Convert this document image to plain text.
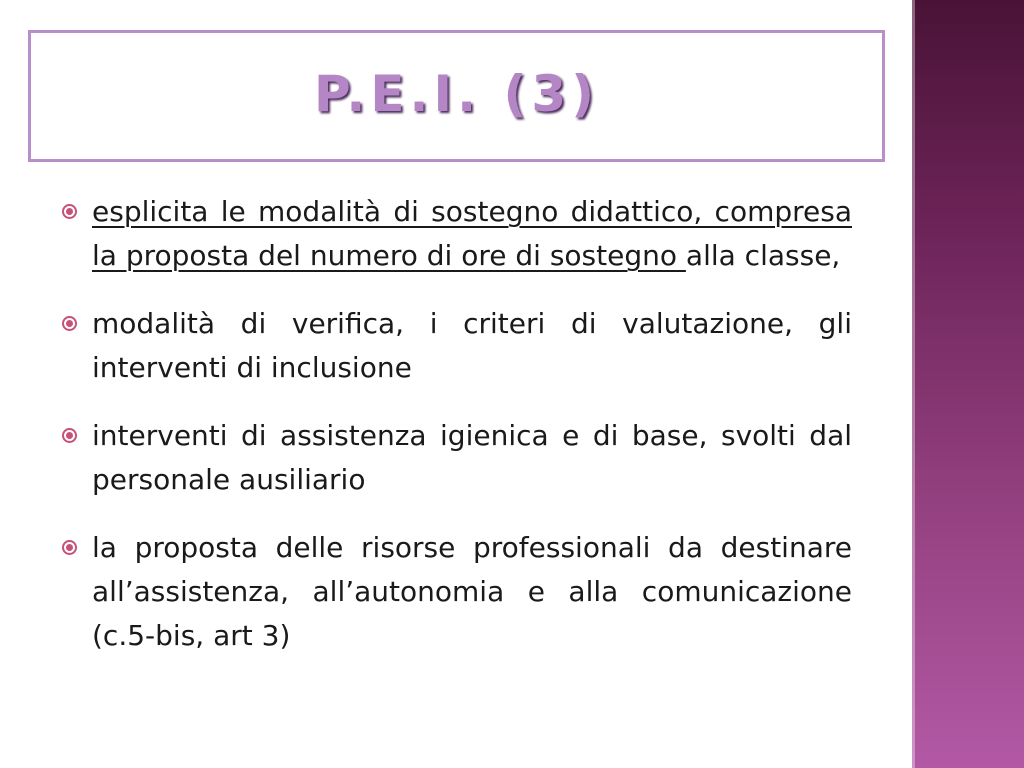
P.E.I. (3)
esplicita le modalità di sostegno didattico, compresa la proposta del numero di ore di sostegno alla classe,
modalità di verifica, i criteri di valutazione, gli interventi di inclusione
interventi di assistenza igienica e di base, svolti dal personale ausiliario
la proposta delle risorse professionali da destinare all’assistenza, all’autonomia e alla comunicazione (c.5-bis, art 3)
